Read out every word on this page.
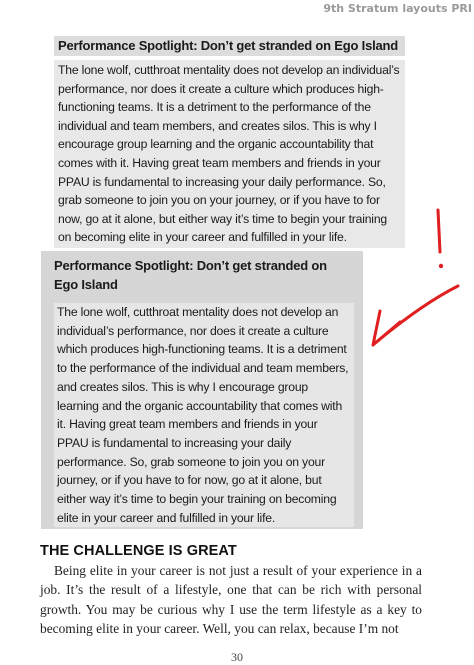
9th Stratum layouts PRI
Performance Spotlight: Don’t get stranded on Ego Island
The lone wolf, cutthroat mentality does not develop an individual’s performance, nor does it create a culture which produces high-functioning teams. It is a detriment to the performance of the individual and team members, and creates silos. This is why I encourage group learning and the organic accountability that comes with it. Having great team members and friends in your PPAU is fundamental to increasing your daily performance. So, grab someone to join you on your journey, or if you have to for now, go at it alone, but either way it’s time to begin your training on becoming elite in your career and fulfilled in your life.
Performance Spotlight: Don’t get stranded on Ego Island
The lone wolf, cutthroat mentality does not develop an individual’s performance, nor does it create a culture which produces high-functioning teams. It is a detriment to the performance of the individual and team members, and creates silos. This is why I encourage group learning and the organic accountability that comes with it. Having great team members and friends in your PPAU is fundamental to increasing your daily performance. So, grab someone to join you on your journey, or if you have to for now, go at it alone, but either way it’s time to begin your training on becoming elite in your career and fulfilled in your life.
THE CHALLENGE IS GREAT
Being elite in your career is not just a result of your experience in a job. It’s the result of a lifestyle, one that can be rich with personal growth. You may be curious why I use the term lifestyle as a key to becoming elite in your career. Well, you can relax, because I’m not
30
